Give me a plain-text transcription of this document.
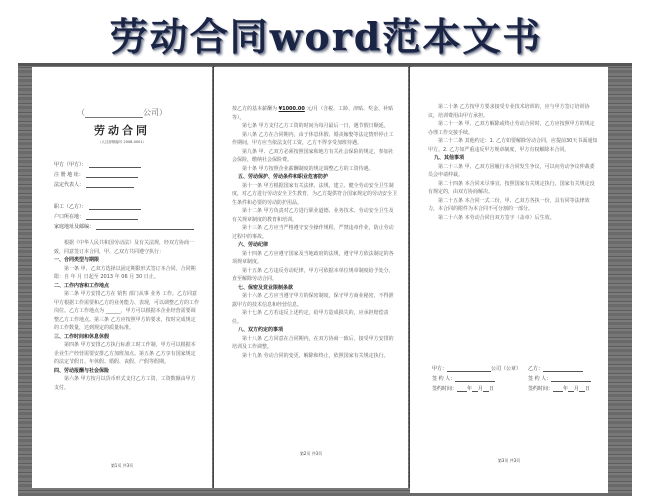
劳动合同word范本文书
（	公司）
劳动合同
（人社部制编号 2008-0001）
甲方（甲方）：
注 册 地 址：
法定代表人：
职工（乙方）：
户口所在地：
家庭地址及邮编：

根据《中华人民共和国劳动法》及有关法规，经双方协商一致，同意签订本合同，甲、乙双方共同遵守执行：

一、合同类型与期限

第一条 甲、乙双方选择以固定期限形式签订本合同。合同期限：自 年 月 日起至 2013 年 06 月 30 日止。

二、工作内容和工作地点

第二条 甲方安排乙方在 销售 部门从事 业务 工作。乙方同意甲方根据工作需要和乙方的业务能力、表现，可以调整乙方的工作岗位。乙方工作地点为 ______，甲方可以根据本企业经营需要调整乙方工作地点。第三条 乙方应按照甲方的要求，按时完成规定的工作数量，达到规定的质量标准。

三、工作时间和休息休假

第四条 甲方安排乙方执行标准工时工作制，甲方可以根据本企业生产经营需要安排乙方加班加点。第五条 乙方享有国家规定的法定节假日、年休假、婚假、丧假、产假等假期。

四、劳动报酬与社会保险

第六条 甲方按月以货币形式支付乙方工资，工资数额由甲方支付。

第1页 共3页

按乙方的基本薪酬为 ¥1000.00 元/月（含税、工龄、津贴、奖金、补贴等）。

第七条 甲方支付乙方工资的时间为每月最后一日，遇节假日顺延。

第八条 乙方在合同期内，由于休息休假、婚丧嫁娶等法定情形停止工作期间，甲方应当依法支付工资，乙方不得享受加班待遇。

第九条 甲、乙双方必须按照国家和地方有关社会保险的规定，参加社会保险，缴纳社会保险费。

第十条 甲方按照企业薪酬制度的规定调整乙方的工资待遇。

五、劳动保护、劳动条件和职业危害防护

第十一条 甲方根据国家有关法律、法规，建立、健全劳动安全卫生制度，对乙方进行劳动安全卫生教育，为乙方提供符合国家规定的劳动安全卫生条件和必要的劳动防护用品。

第十二条 甲方负责对乙方进行职业道德、业务技术、劳动安全卫生及有关规章制度的教育和培训。

第十三条 乙方应当严格遵守安全操作规程，严禁违章作业，防止劳动过程中的事故。

六、劳动纪律

第十四条 乙方应遵守国家及当地政府的法规，遵守甲方依法制定的各项规章制度。

第十五条 乙方违反劳动纪律，甲方可依据本单位规章制度给予处分，直至解除劳动合同。

七、保密及竞业限制条款

第十六条 乙方应当遵守甲方的保密制度，保守甲方商业秘密，不得泄露甲方的技术信息和经营信息。

第十七条 乙方若违反上述约定，给甲方造成损失的，应承担赔偿责任。

八、双方约定的事项

第十八条 乙方同意在合同期内，在双方协商一致后，接受甲方安排的培训及工作调整。

第十九条 劳动合同的变更、解除和终止，依照国家有关规定执行。

第2页 共3页

第二十条 乙方按甲方要求接受专业技术培训的，应与甲方签订培训协议，培训费用由甲方承担。

第二十一条 甲、乙双方解除或终止劳动合同时，乙方应按照甲方的规定办理工作交接手续。

第二十二条 其他约定：1. 乙方如要解除劳动合同，应提前30天书面通知甲方。2. 乙方如严重违反甲方规章制度，甲方有权解除本合同。

九、其他事项

第二十三条 甲、乙双方因履行本合同发生争议，可以向劳动争议仲裁委员会申请仲裁。

第二十四条 本合同未尽事宜，按照国家有关规定执行。国家有关规定没有规定的，由双方协商解决。

第二十五条 本合同一式二份，甲、乙双方各执一份，具有同等法律效力，本合同的附件为本合同不可分割的一部分。

第二十六条 本劳动合同自双方签字（盖章）后生效。

甲方：	公司（公章） 乙方：
签 约 人：	签 约 人：
签约时间： 年 月 日	签约时间： 年 月 日
第3页 共3页
